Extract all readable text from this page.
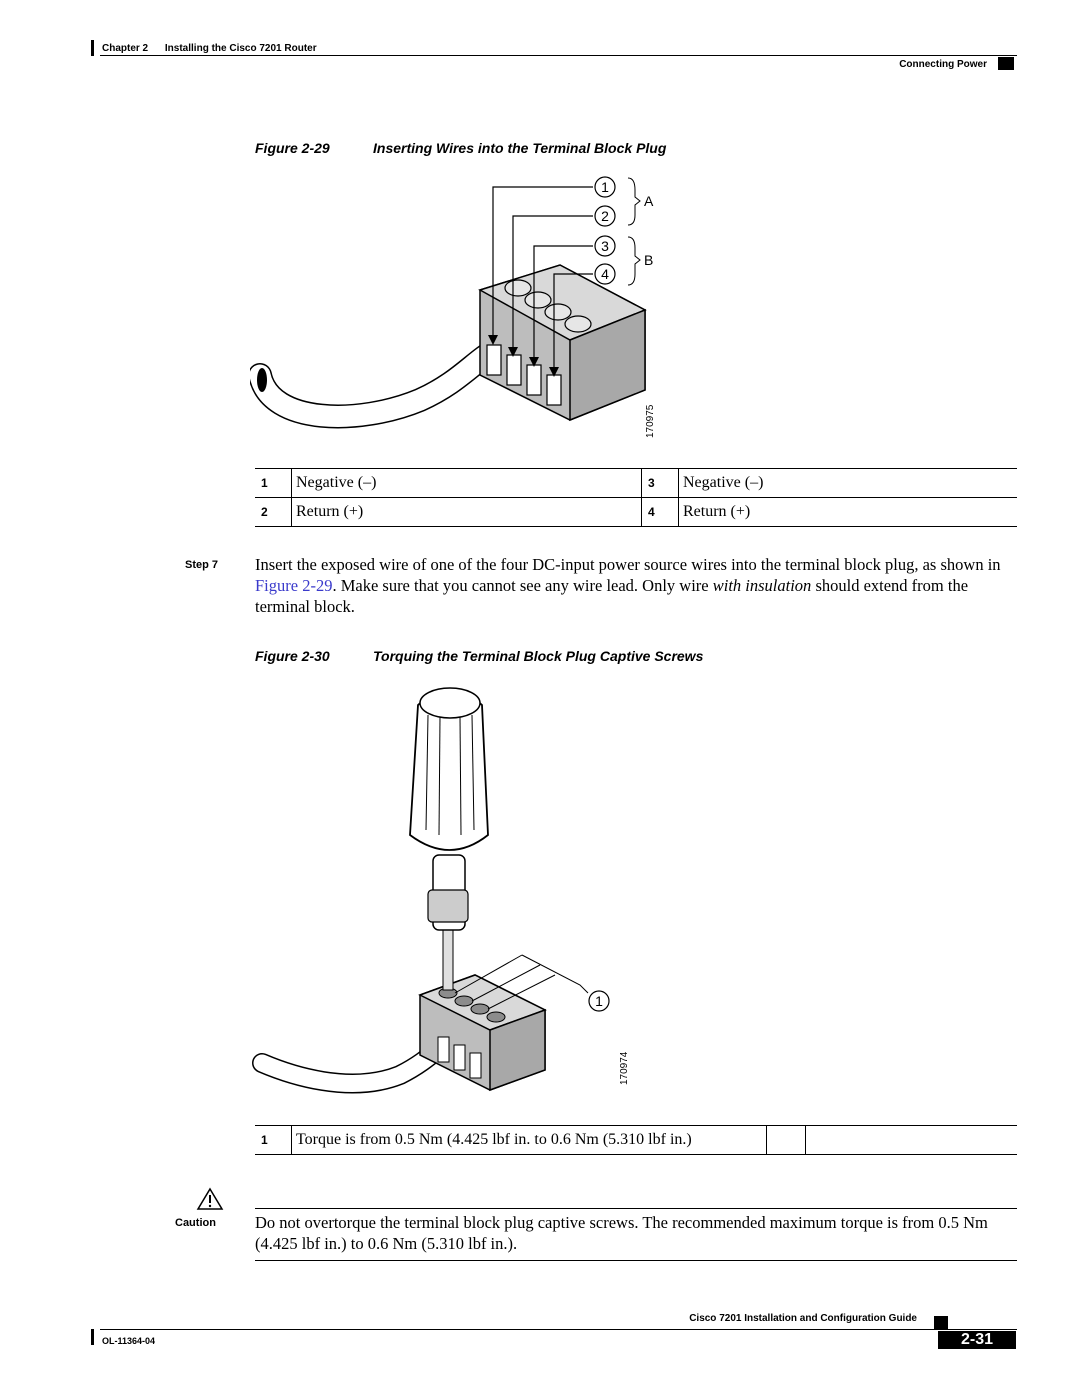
Chapter 2 Installing the Cisco 7201 Router
Connecting Power
Figure 2-29	Inserting Wires into the Terminal Block Plug
1
2
3
4
A
B
170975
1	Negative (–)	3	Negative (–)
2	Return (+)	4	Return (+)
Step 7 Insert the exposed wire of one of the four DC-input power source wires into the terminal block plug, as shown in Figure 2-29. Make sure that you cannot see any wire lead. Only wire with insulation should extend from the terminal block.
Figure 2-30	Torquing the Terminal Block Plug Captive Screws
1
170974
1	Torque is from 0.5 Nm (4.425 lbf in. to 0.6 Nm (5.310 lbf in.)		
Caution Do not overtorque the terminal block plug captive screws. The recommended maximum torque is from 0.5 Nm (4.425 lbf in.) to 0.6 Nm (5.310 lbf in.).
Cisco 7201 Installation and Configuration Guide
OL-11364-04	2-31
